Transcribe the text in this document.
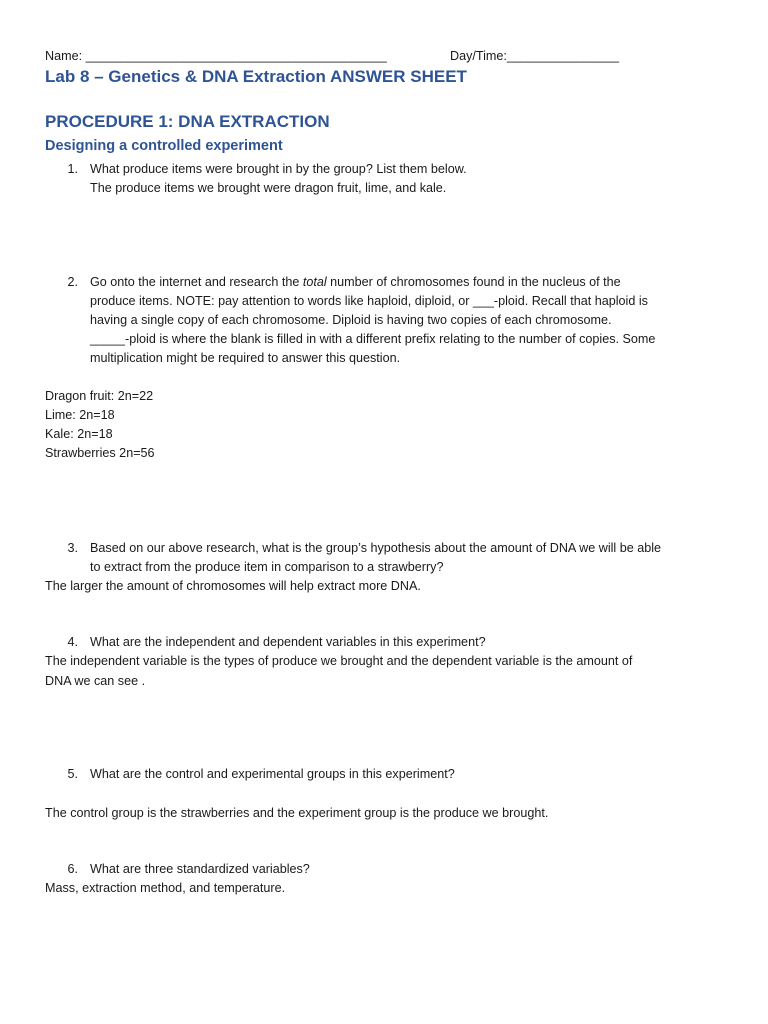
Name: ___________________________________________	Day/Time:________________
Lab 8 – Genetics & DNA Extraction ANSWER SHEET
PROCEDURE 1: DNA EXTRACTION
Designing a controlled experiment
1. What produce items were brought in by the group? List them below.
The produce items we brought were dragon fruit, lime, and kale.
2. Go onto the internet and research the total number of chromosomes found in the nucleus of the
produce items. NOTE: pay attention to words like haploid, diploid, or ___-ploid. Recall that haploid is
having a single copy of each chromosome. Diploid is having two copies of each chromosome.
_____-ploid is where the blank is filled in with a different prefix relating to the number of copies. Some
multiplication might be required to answer this question.
Dragon fruit: 2n=22
Lime: 2n=18
Kale: 2n=18
Strawberries 2n=56
3. Based on our above research, what is the group’s hypothesis about the amount of DNA we will be able
to extract from the produce item in comparison to a strawberry?
The larger the amount of chromosomes will help extract more DNA.
4. What are the independent and dependent variables in this experiment?
The independent variable is the types of produce we brought and the dependent variable is the amount of
DNA we can see .
5. What are the control and experimental groups in this experiment?
The control group is the strawberries and the experiment group is the produce we brought.
6. What are three standardized variables?
Mass, extraction method, and temperature.
